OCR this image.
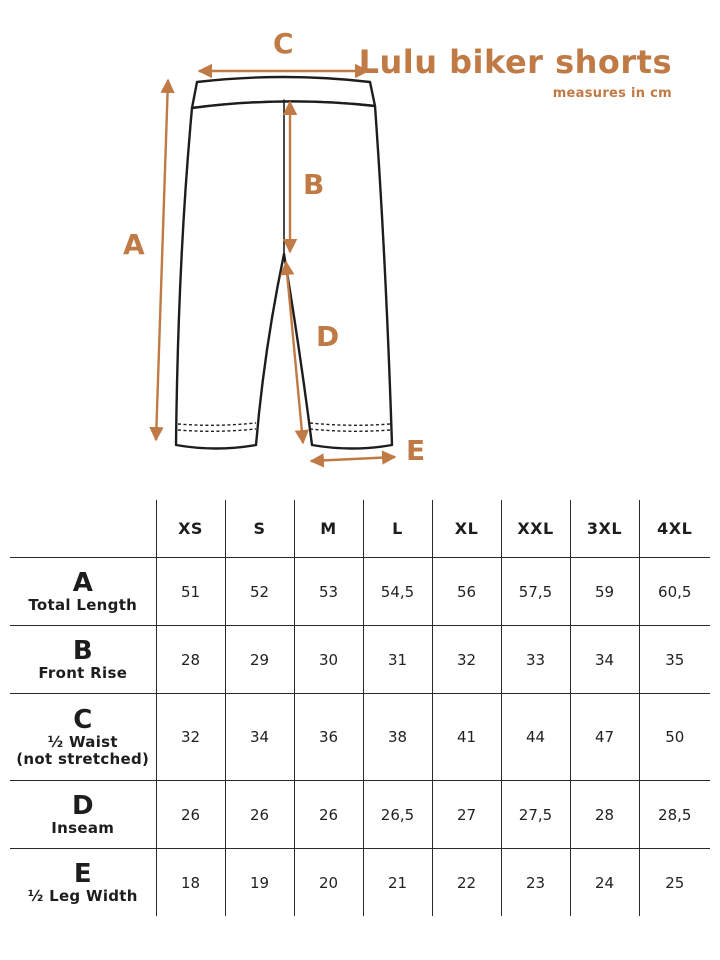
Lulu biker shorts
measures in cm
A
B
C
D
E
	XS	S	M	L	XL	XXL	3XL	4XL

A
Total Length	51	52	53	54,5	56	57,5	59	60,5

B
Front Rise	28	29	30	31	32	33	34	35

C
½ Waist
(not stretched)	32	34	36	38	41	44	47	50

D
Inseam	26	26	26	26,5	27	27,5	28	28,5

E
½ Leg Width	18	19	20	21	22	23	24	25
